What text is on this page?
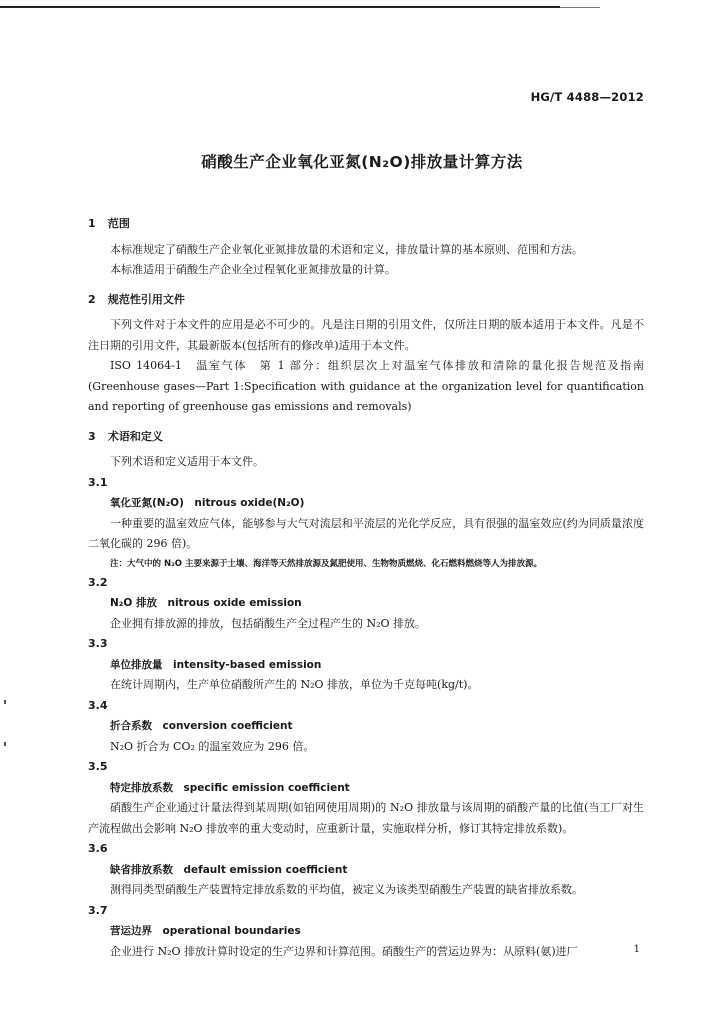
HG/T 4488—2012
硝酸生产企业氧化亚氮(N₂O)排放量计算方法
1 范围
本标准规定了硝酸生产企业氧化亚氮排放量的术语和定义，排放量计算的基本原则、范围和方法。
本标准适用于硝酸生产企业全过程氧化亚氮排放量的计算。
2 规范性引用文件
下列文件对于本文件的应用是必不可少的。凡是注日期的引用文件，仅所注日期的版本适用于本文件。凡是不注日期的引用文件，其最新版本(包括所有的修改单)适用于本文件。
ISO 14064-1　温室气体　第 1 部分：组织层次上对温室气体排放和清除的量化报告规范及指南(Greenhouse gases—Part 1:Specification with guidance at the organization level for quantification and reporting of greenhouse gas emissions and removals)
3 术语和定义
下列术语和定义适用于本文件。
3.1
氧化亚氮(N₂O)　nitrous oxide(N₂O)
一种重要的温室效应气体，能够参与大气对流层和平流层的光化学反应，具有很强的温室效应(约为同质量浓度二氧化碳的 296 倍)。
注：大气中的 N₂O 主要来源于土壤、海洋等天然排放源及氮肥使用、生物物质燃烧、化石燃料燃烧等人为排放源。
3.2
N₂O 排放　nitrous oxide emission
企业拥有排放源的排放，包括硝酸生产全过程产生的 N₂O 排放。
3.3
单位排放量　intensity-based emission
在统计周期内，生产单位硝酸所产生的 N₂O 排放，单位为千克每吨(kg/t)。
3.4
折合系数　conversion coefficient
N₂O 折合为 CO₂ 的温室效应为 296 倍。
3.5
特定排放系数　specific emission coefficient
硝酸生产企业通过计量法得到某周期(如铂网使用周期)的 N₂O 排放量与该周期的硝酸产量的比值(当工厂对生产流程做出会影响 N₂O 排放率的重大变动时，应重新计量，实施取样分析，修订其特定排放系数)。
3.6
缺省排放系数　default emission coefficient
测得同类型硝酸生产装置特定排放系数的平均值，被定义为该类型硝酸生产装置的缺省排放系数。
3.7
营运边界　operational boundaries
企业进行 N₂O 排放计算时设定的生产边界和计算范围。硝酸生产的营运边界为：从原料(氨)进厂	1
